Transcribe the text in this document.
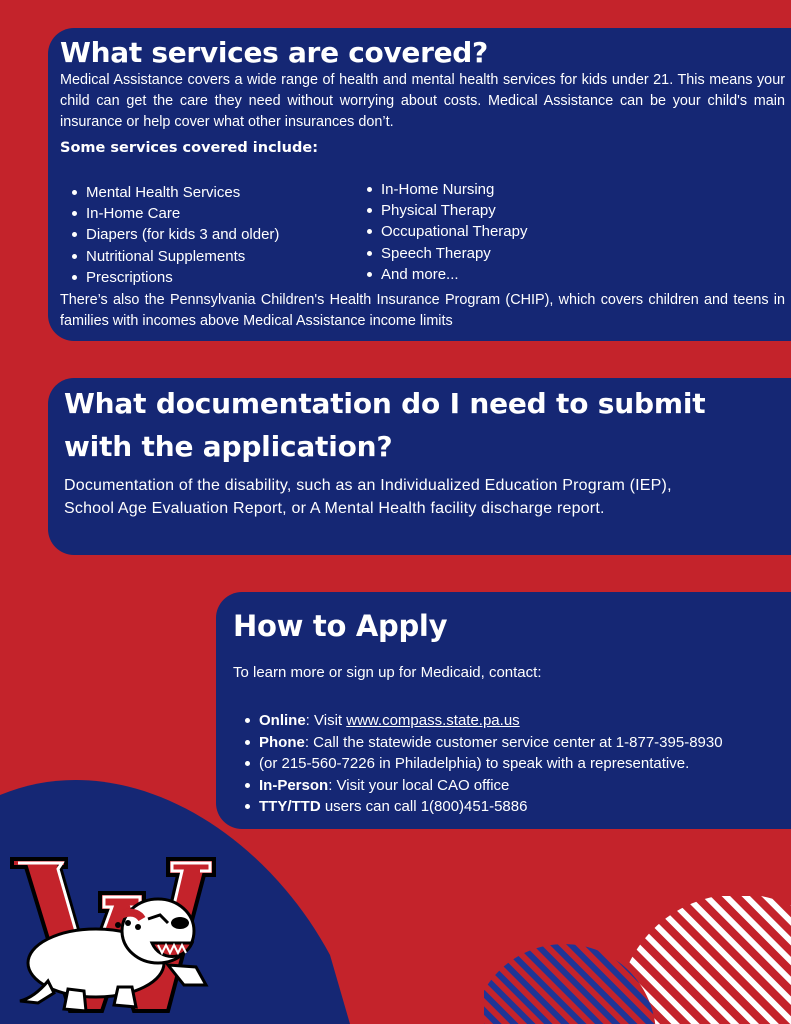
What services are covered?

Medical Assistance covers a wide range of health and mental health services for kids under 21. This means your child can get the care they need without worrying about costs. Medical Assistance can be your child's main insurance or help cover what other insurances don’t.

Some services covered include:

Mental Health Services
In-Home Care
Diapers (for kids 3 and older)
Nutritional Supplements
Prescriptions
In-Home Nursing
Physical Therapy
Occupational Therapy
Speech Therapy
And more...

There’s also the Pennsylvania Children's Health Insurance Program (CHIP), which covers children and teens in families with incomes above Medical Assistance income limits

What documentation do I need to submit with the application?
Documentation of the disability, such as an Individualized Education Program (IEP),
School Age Evaluation Report, or A Mental Health facility discharge report.
How to Apply

To learn more or sign up for Medicaid, contact:

Online: Visit www.compass.state.pa.us
Phone: Call the statewide customer service center at 1-877-395-8930
(or 215-560-7226 in Philadelphia) to speak with a representative.
In-Person: Visit your local CAO office
TTY/TTD users can call 1(800)451-5886
